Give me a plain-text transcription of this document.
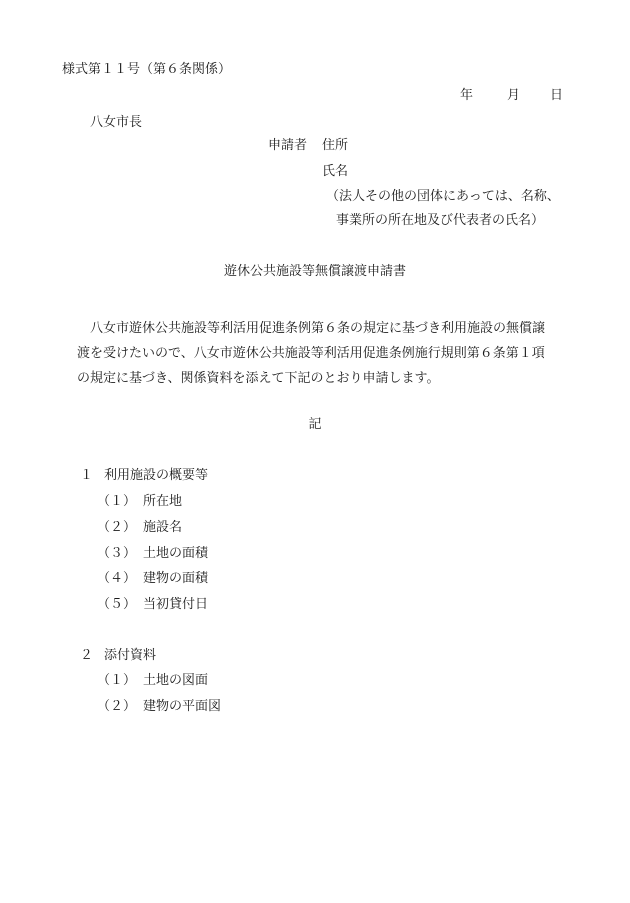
様式第１１号（第６条関係）
年	月 日
八女市長
申請者 住所
氏名
（法人その他の団体にあっては、名称、
事業所の所在地及び代表者の氏名）
遊休公共施設等無償譲渡申請書

八女市遊休公共施設等利活用促進条例第６条の規定に基づき利用施設の無償譲

渡を受けたいので、八女市遊休公共施設等利活用促進条例施行規則第６条第１項

の規定に基づき、関係資料を添えて下記のとおり申請します。

記
１ 利用施設の概要等
（１） 所在地
（２） 施設名
（３） 土地の面積
（４） 建物の面積
（５） 当初貸付日
２ 添付資料
（１） 土地の図面
（２） 建物の平面図
